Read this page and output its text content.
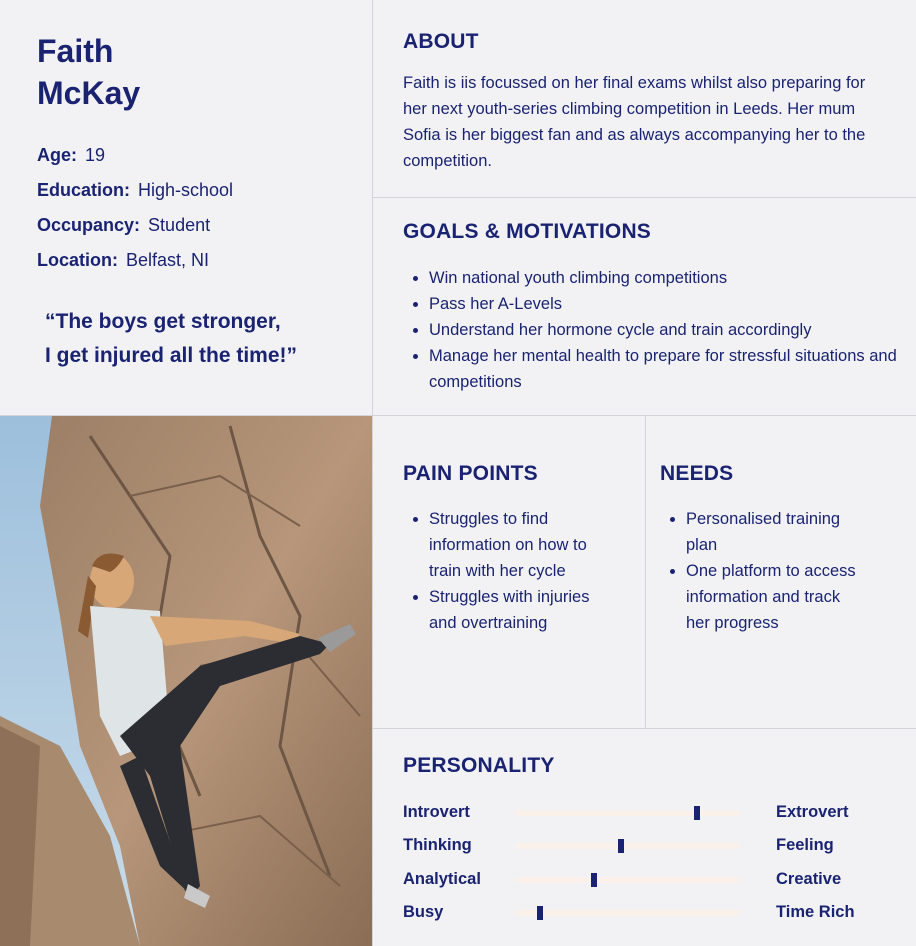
Faith
McKay
Age: 19
Education: High-school
Occupancy: Student
Location: Belfast, NI
“The boys get stronger,
I get injured all the time!”
ABOUT
Faith is iis focussed on her final exams whilst also preparing for her next youth-series climbing competition in Leeds. Her mum Sofia is her biggest fan and as always accompanying her to the competition.
GOALS & MOTIVATIONS
• Win national youth climbing competitions
• Pass her A-Levels
• Understand her hormone cycle and train accordingly
• Manage her mental health to prepare for stressful situations and competitions
PAIN POINTS
• Struggles to find information on how to train with her cycle
• Struggles with injuries and overtraining
NEEDS
• Personalised training plan
• One platform to access information and track her progress
PERSONALITY
Introvert	Extrovert
Thinking	Feeling
Analytical	Creative
Busy	Time Rich
